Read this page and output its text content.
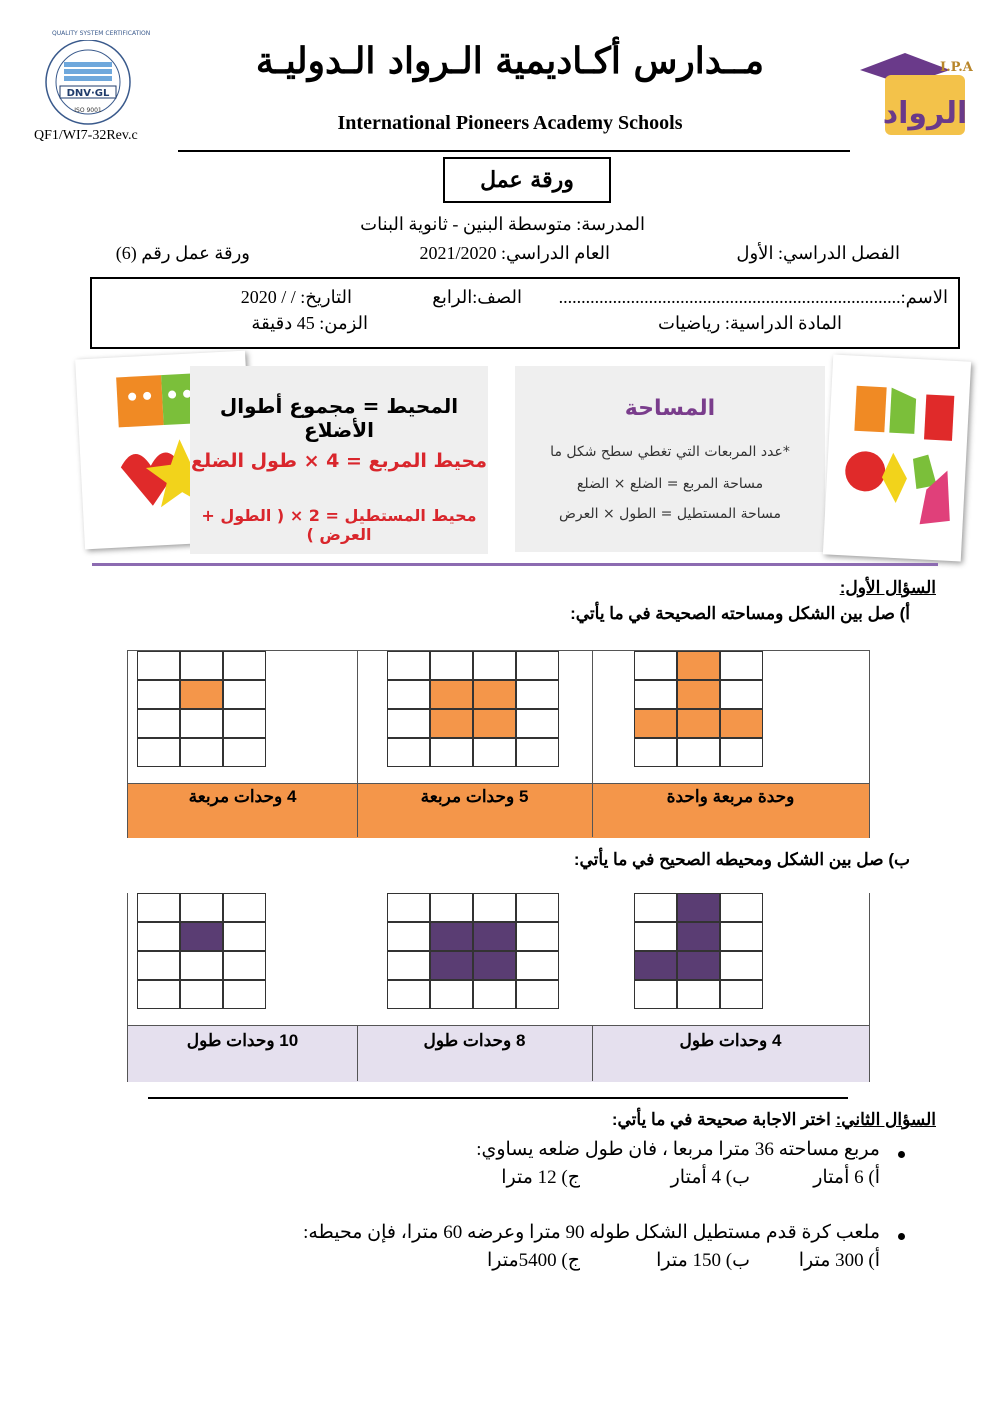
DNV·GL
ISO 9001
QUALITY SYSTEM CERTIFICATION
QF1/WI7-32Rev.c
مــدارس أكـاديمية الـرواد الـدوليـة
International Pioneers Academy Schools
I.P.A
الرواد
ورقة عمل
المدرسة: متوسطة البنين - ثانوية البنات
الفصل الدراسي: الأول
العام الدراسي: 2021/2020
ورقة عمل رقم (6)
الاسم:............................................................................
الصف:الرابع
التاريخ: / / 2020
المادة الدراسية: رياضيات
الزمن: 45 دقيقة
المحيط = مجموع أطوال الأضلاع
محيط المربع = 4 × طول الضلع
محيط المستطيل = 2 × ( الطول + العرض )
المساحة
*عدد المربعات التي تغطي سطح شكل ما
مساحة المربع = الضلع × الضلع
مساحة المستطيل = الطول × العرض
السؤال الأول:
أ) صل بين الشكل ومساحته الصحيحة في ما يأتي:
4 وحدات مربعة	5 وحدات مربعة	وحدة مربعة واحدة
ب) صل بين الشكل ومحيطه الصحيح في ما يأتي:
10 وحدات طول	8 وحدات طول	4 وحدات طول
السؤال الثاني: اختر الاجابة صحيحة في ما يأتي:
مربع مساحته 36 مترا مربعا ، فان طول ضلعه يساوي:
أ) 6 أمتار
ب) 4 أمتار
ج) 12 مترا
ملعب كرة قدم مستطيل الشكل طوله 90 مترا وعرضه 60 مترا، فإن محيطه:
أ) 300 مترا
ب) 150 مترا
ج) 5400مترا
